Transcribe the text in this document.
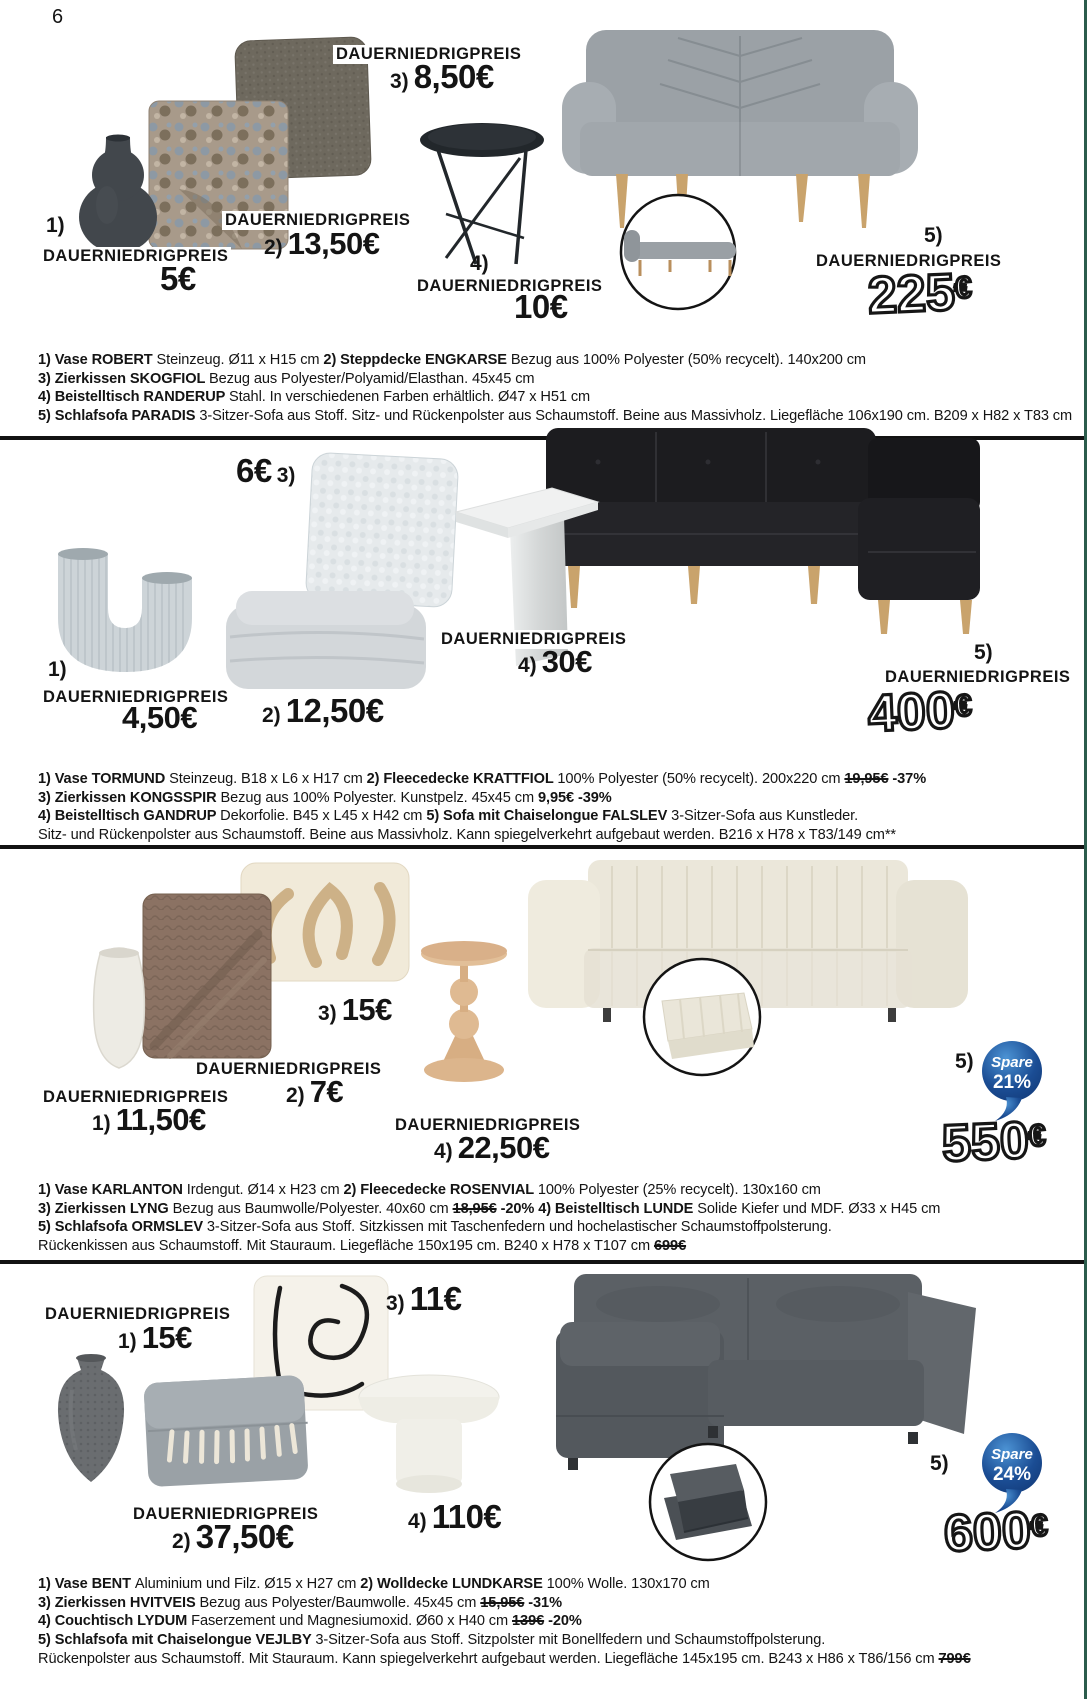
6
1)
DAUERNIEDRIGPREIS
5€
DAUERNIEDRIGPREIS
2) 13,50€
DAUERNIEDRIGPREIS
3) 8,50€
4)
DAUERNIEDRIGPREIS
10€
5)
DAUERNIEDRIGPREIS
225€
1) Vase ROBERT Steinzeug. Ø11 x H15 cm 2) Steppdecke ENGKARSE Bezug aus 100% Polyester (50% recycelt). 140x200 cm
3) Zierkissen SKOGFIOL Bezug aus Polyester/Polyamid/Elasthan. 45x45 cm
4) Beistelltisch RANDERUP Stahl. In verschiedenen Farben erhältlich. Ø47 x H51 cm
5) Schlafsofa PARADIS 3-Sitzer-Sofa aus Stoff. Sitz- und Rückenpolster aus Schaumstoff. Beine aus Massivholz. Liegefläche 106x190 cm. B209 x H82 x T83 cm
6€ 3)
1)
DAUERNIEDRIGPREIS
4,50€	2) 12,50€
DAUERNIEDRIGPREIS
4) 30€	5)
DAUERNIEDRIGPREIS
400€
1) Vase TORMUND Steinzeug. B18 x L6 x H17 cm 2) Fleecedecke KRATTFIOL 100% Polyester (50% recycelt). 200x220 cm 19,95€ -37%
3) Zierkissen KONGSSPIR Bezug aus 100% Polyester. Kunstpelz. 45x45 cm 9,95€ -39%
4) Beistelltisch GANDRUP Dekorfolie. B45 x L45 x H42 cm 5) Sofa mit Chaiselongue FALSLEV 3-Sitzer-Sofa aus Kunstleder.
Sitz- und Rückenpolster aus Schaumstoff. Beine aus Massivholz. Kann spiegelverkehrt aufgebaut werden. B216 x H78 x T83/149 cm**
3) 15€
DAUERNIEDRIGPREIS
2) 7€
DAUERNIEDRIGPREIS
1) 11,50€	DAUERNIEDRIGPREIS
4) 22,50€
5) Spare
21%
550€
1) Vase KARLANTON Irdengut. Ø14 x H23 cm 2) Fleecedecke ROSENVIAL 100% Polyester (25% recycelt). 130x160 cm
3) Zierkissen LYNG Bezug aus Baumwolle/Polyester. 40x60 cm 18,95€ -20% 4) Beistelltisch LUNDE Solide Kiefer und MDF. Ø33 x H45 cm
5) Schlafsofa ORMSLEV 3-Sitzer-Sofa aus Stoff. Sitzkissen mit Taschenfedern und hochelastischer Schaumstoffpolsterung.
Rückenkissen aus Schaumstoff. Mit Stauraum. Liegefläche 150x195 cm. B240 x H78 x T107 cm 699€
DAUERNIEDRIGPREIS
1) 15€
3) 11€
DAUERNIEDRIGPREIS
2) 37,50€	4) 110€
5)	Spare
24%
600€
1) Vase BENT Aluminium und Filz. Ø15 x H27 cm 2) Wolldecke LUNDKARSE 100% Wolle. 130x170 cm
3) Zierkissen HVITVEIS Bezug aus Polyester/Baumwolle. 45x45 cm 15,95€ -31%
4) Couchtisch LYDUM Faserzement und Magnesiumoxid. Ø60 x H40 cm 139€ -20%
5) Schlafsofa mit Chaiselongue VEJLBY 3-Sitzer-Sofa aus Stoff. Sitzpolster mit Bonellfedern und Schaumstoffpolsterung.
Rückenpolster aus Schaumstoff. Mit Stauraum. Kann spiegelverkehrt aufgebaut werden. Liegefläche 145x195 cm. B243 x H86 x T86/156 cm 799€
